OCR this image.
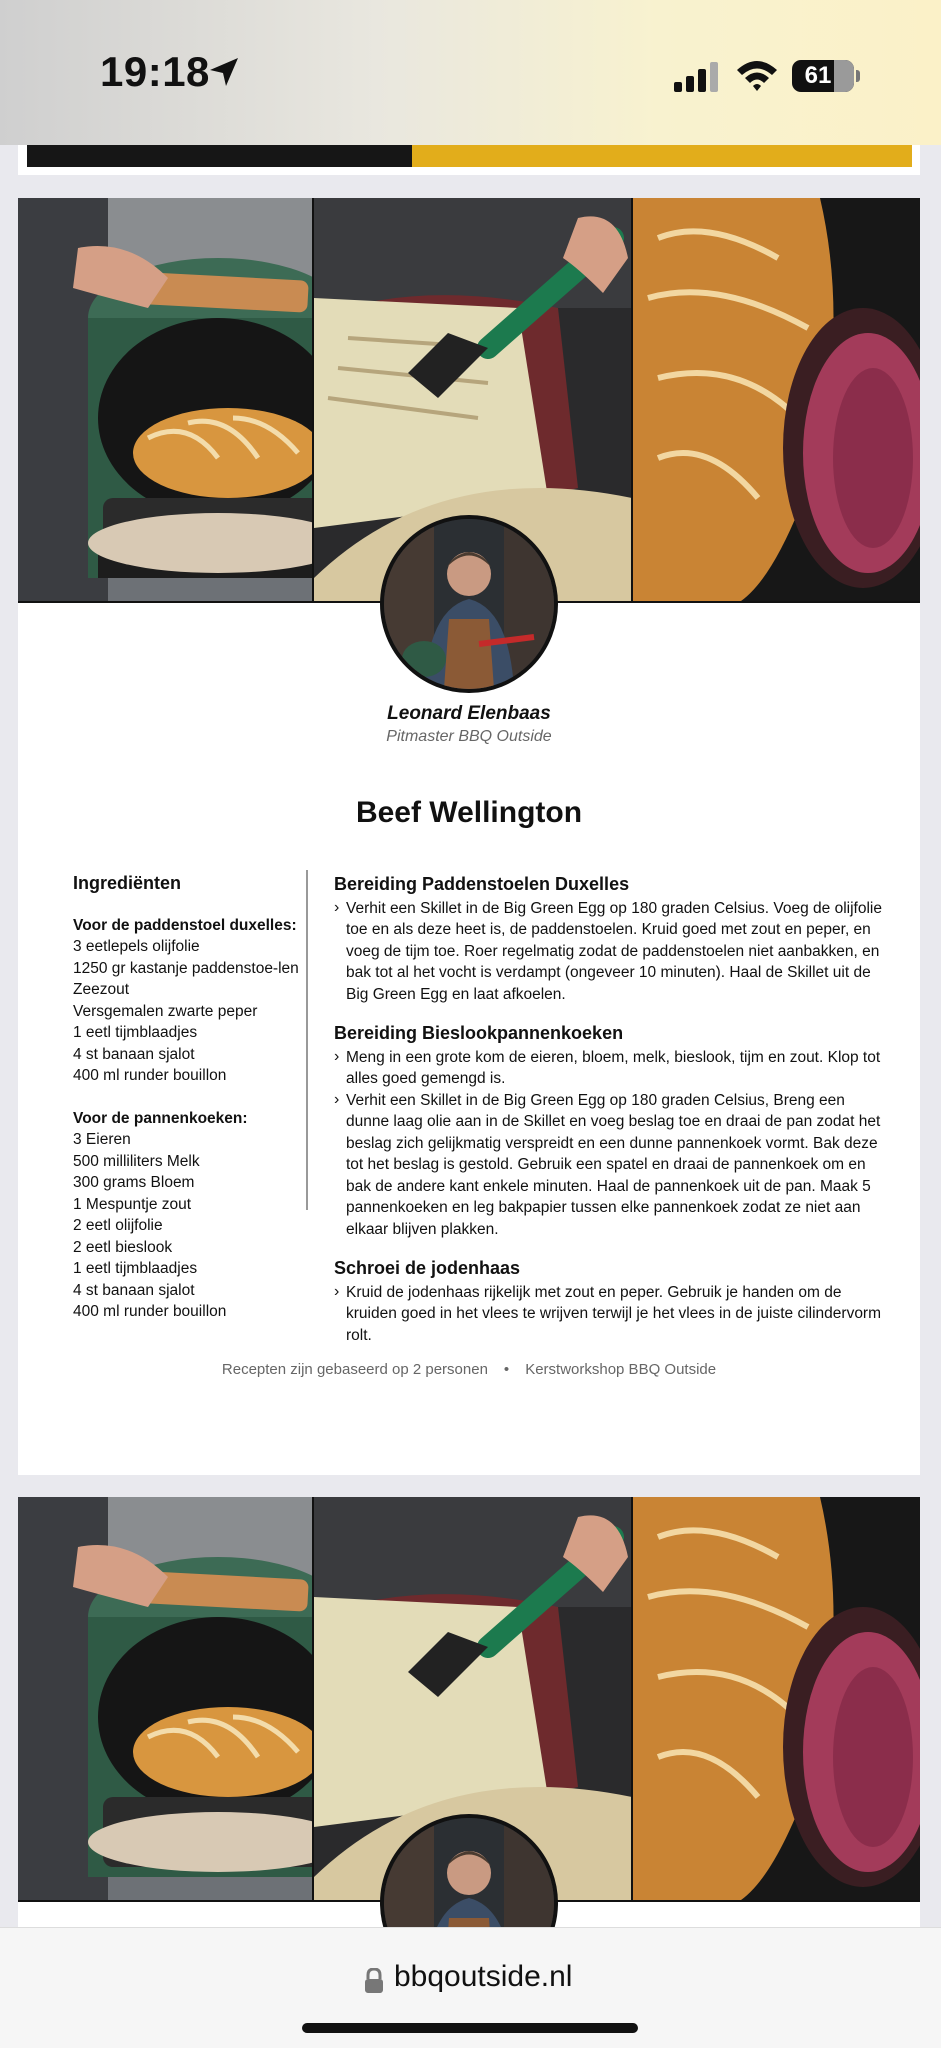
19:18	61
Leonard Elenbaas
Pitmaster BBQ Outside
Beef Wellington
Ingrediënten
Voor de paddenstoel duxelles:
3 eetlepels olijfolie
1250 gr kastanje paddenstoe-len
Zeezout
Versgemalen zwarte peper
1 eetl tijmblaadjes
4 st banaan sjalot
400 ml runder bouillon
Voor de pannenkoeken:
3 Eieren
500 milliliters Melk
300 grams Bloem
1 Mespuntje zout
2 eetl olijfolie
2 eetl bieslook
1 eetl tijmblaadjes
4 st banaan sjalot
400 ml runder bouillon
Bereiding Paddenstoelen Duxelles
› Verhit een Skillet in de Big Green Egg op 180 graden Celsius. Voeg de olijfolie toe en als deze heet is, de paddenstoelen. Kruid goed met zout en peper, en voeg de tijm toe. Roer regelmatig zodat de paddenstoelen niet aanbakken, en bak tot al het vocht is verdampt (ongeveer 10 minuten). Haal de Skillet uit de Big Green Egg en laat afkoelen.
Bereiding Bieslookpannenkoeken
› Meng in een grote kom de eieren, bloem, melk, bieslook, tijm en zout. Klop tot alles goed gemengd is.
› Verhit een Skillet in de Big Green Egg op 180 graden Celsius, Breng een dunne laag olie aan in de Skillet en voeg beslag toe en draai de pan zodat het beslag zich gelijkmatig verspreidt en een dunne pannenkoek vormt. Bak deze tot het beslag is gestold. Gebruik een spatel en draai de pannenkoek om en bak de andere kant enkele minuten. Haal de pannenkoek uit de pan. Maak 5 pannenkoeken en leg bakpapier tussen elke pannenkoek zodat ze niet aan elkaar blijven plakken.
Schroei de jodenhaas
› Kruid de jodenhaas rijkelijk met zout en peper. Gebruik je handen om de kruiden goed in het vlees te wrijven terwijl je het vlees in de juiste cilindervorm rolt.
Recepten zijn gebaseerd op 2 personen • Kerstworkshop BBQ Outside
bbqoutside.nl
